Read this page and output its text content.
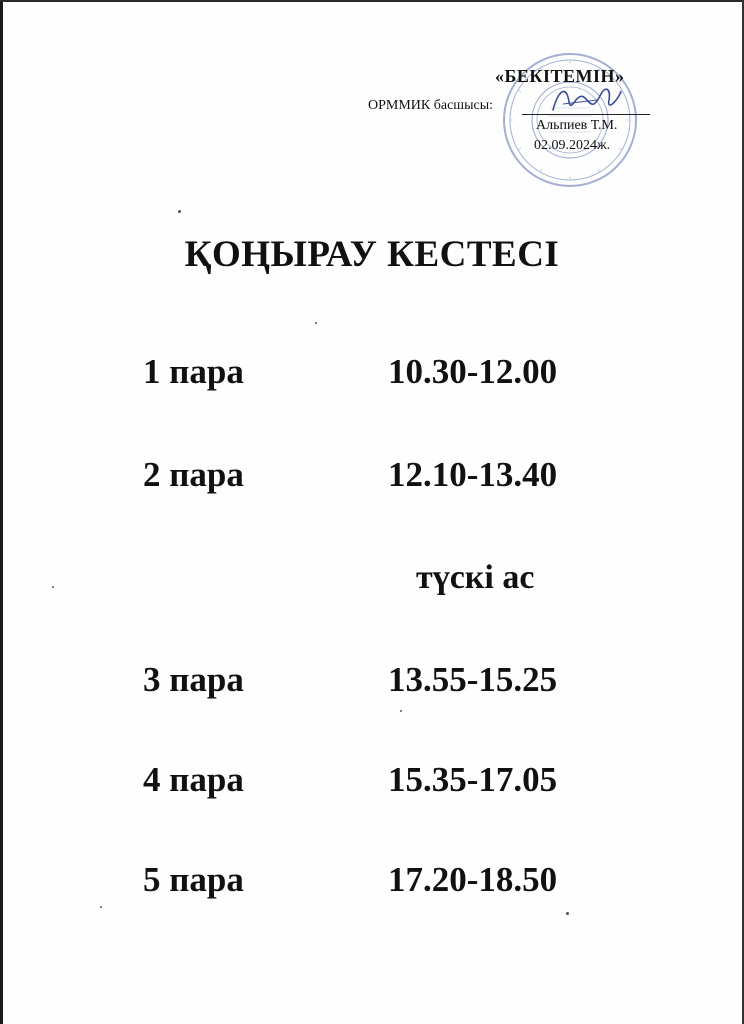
«БЕКІТЕМІН»
ОРММИК басшысы:
Альпиев Т.М.
02.09.2024ж.
ҚОҢЫРАУ КЕСТЕСІ
1 пара	10.30-12.00
2 пара	12.10-13.40
түскі ас
3 пара	13.55-15.25
4 пара	15.35-17.05
5 пара	17.20-18.50
